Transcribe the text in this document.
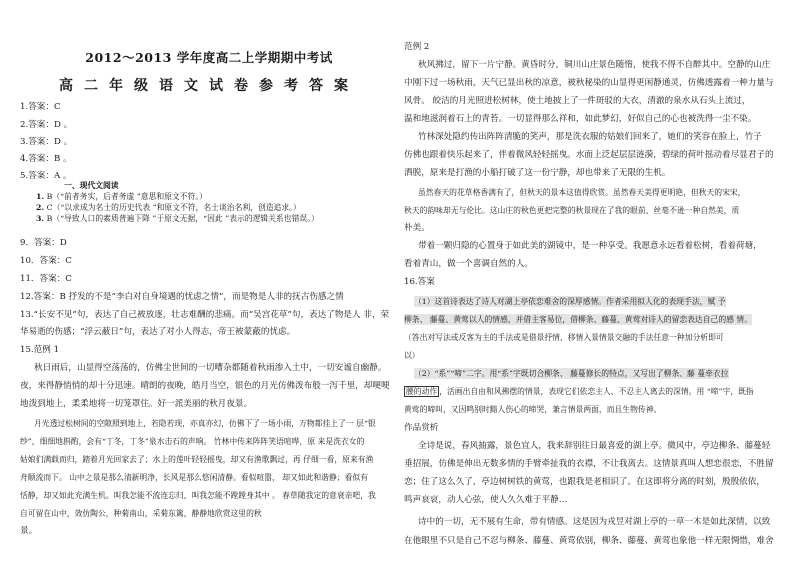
2012～2013 学年度高二上学期期中考试
高二年级语文试卷参考答案
1.答案：C
2.答案：D 。
3.答案：D 。
4.答案：B 。
5.答案：A 。
一、现代文阅读
1. B（“前者务实，后者务虚 ”意思和原文不符。）
2. C（“以求成为名士的历史代表 ”和原文不符，名士谈治名利，创造追求。）
3. B（“导致人口的素质普遍下降 ”于原文无据，“因此 ”表示的逻辑关系也错误。）
9．答案：D
10．答案：C
11．答案：C
12.答案：B 抒发的不是“李白对自身境遇的忧虑之情”，而是物是人非的抚古伤感之情
13.“长安不见”句，表达了自己被放逐，壮志难酬的悲痛。而“吴宫花草”句，表达了物是人 非，荣
华易逝的伤感；“浮云蔽日”句，表达了对小人得志，帝王被蒙蔽的忧虑。
15.范例 1
秋日雨后，山显得空荡荡的，仿佛尘世间的一切嘈杂都随着秋雨渗入土中，一切安谧自幽静。
夜，来得静悄悄的却十分迅速。晴朗的夜晚，皓月当空，银色的月光仿佛泼布般一泻千里，却哽哽
地泼到地上，柔柔地将一切笼罩住。好一派美丽的秋月夜景。
月光透过松树间的空隙照到地上，若隐若现，亦真亦幻，仿佛下了一场小雨，万物都挂上了一 层“银
纱”，细细地斟酌，会有“丁冬，丁冬”泉水击石的声响。 竹林中传来阵阵笑语喧哗，原 来是洗衣女的
姑娘们满载而归，踏着月光回家去了；水上的莲叶轻轻摇曳，却又有渔歌飘过，再 仔细一看，原来有渔
舟顺流而下。 山中之景是那么清新明净，长风是那么悠闲清静。看似喧嚣， 却又如此和谐静；看似有
恬静，却又如此充满生机。叫我怎能不流连忘归，叫我怎能不蹚蹚身其中 。 春草随我定的意衰亲吧，我
自可留在山中，效仿陶公，种菊南山，采菊东篱，静静地欣赏这里的秋
景。
范例 2
秋风拂过，留下一片宁静。黄昏时分，铜川山庄景色随惰，使我不得不自醉其中。空静的山庄
中刚下过一场秋雨，天气已显出秋的凉意，被秋秘染的山显得更闲静通灵，仿佛透露着一种力量与
风骨。 皎洁的月光照进松树林，使土地披上了一件斑驳的大衣，清澈的泉水从石头上流过，
温和地滋润着石上的青苔。一切显得那么祥和，如此梦幻，好似自己的心也被洗得一尘不染。
竹林深处隐约传出阵阵清脆的笑声，那是洗衣服的姑娘们回来了，她们的笑容在脸上，竹子
仿佛也跟着快乐起来了，伴着微风轻轻摇曳。水面上泛起层层涟漪，碧绿的荷叶摇动着尽显君子的
洒脱，原来是打渔的小船打破了这一份宁静，却也带来了无限的生机。
虽然春天的花草格香满有了，但秋天的景本这值得欣赏。虽然春天美得更明艳，但秋天的宋宋，
秋天的韵味却无与伦比。这山庄的秋色更把完整的秋景现在了我的眼前，丝毫不逊一种自然美，质
朴美。
带着一颗归隐的心置身于如此美的湖镜中，是一种享受。我愿意永远看着松树，看着荷塘，
看着青山，做一个喜调自然的人。
16.答案
（1）这首诗表达了诗人对湖上亭依恋难舍的深厚感情。作者采用拟人化的表现手法，赋 予
柳条、 藤蔓、黄莺以人的情感，并借主客易位，借柳条、藤蔓、黄莺对诗人的留恋表达自己的感 情。
（答出对写法或反客为主的手法或是借景抒情、移情入景情景交融的手法任意一种加分析即可
以）
（2）“系”“啼”二字。用“系”字既切合柳条、 藤蔓修长的特点，又写出了柳条、藤 蔓牵衣拉
腰的动作 ，活画出自由和风拂摆的情景，表现它们依恋主人、不忍主人离去的深情。用 “啼”字，既指
黄莺的啼叫，又因鸣别时黯人伤心的啼哭，兼言情景两面，而且生物传神。
作品赏析
全诗是说，春风抽露，景色宜人，我来辞别往日最喜爱的湖上亭。微风中，亭边柳条、藤蔓轻
垂招展，仿佛是伸出无数多情的手臂牵扯我的衣襟，不让我离去。这情景真叫人想恋很恋，不胜留
恋；住了这么久了，亭边树树铁的黄莺，也跟我是老相识了。在这即将分离的时刻，殷殷依依，
鸣声哀哀，动人心弦，使人久久难于平静…
诗中的一切，无不展有生命，带有情感。这是因为戎昱对湖上亭的一草一木是如此深情，以致
在他眼里不只是自己不忍与柳条、藤蔓、黄莺依别，柳条、藤蔓、黄莺也象他一样无限惆惜，难舍
